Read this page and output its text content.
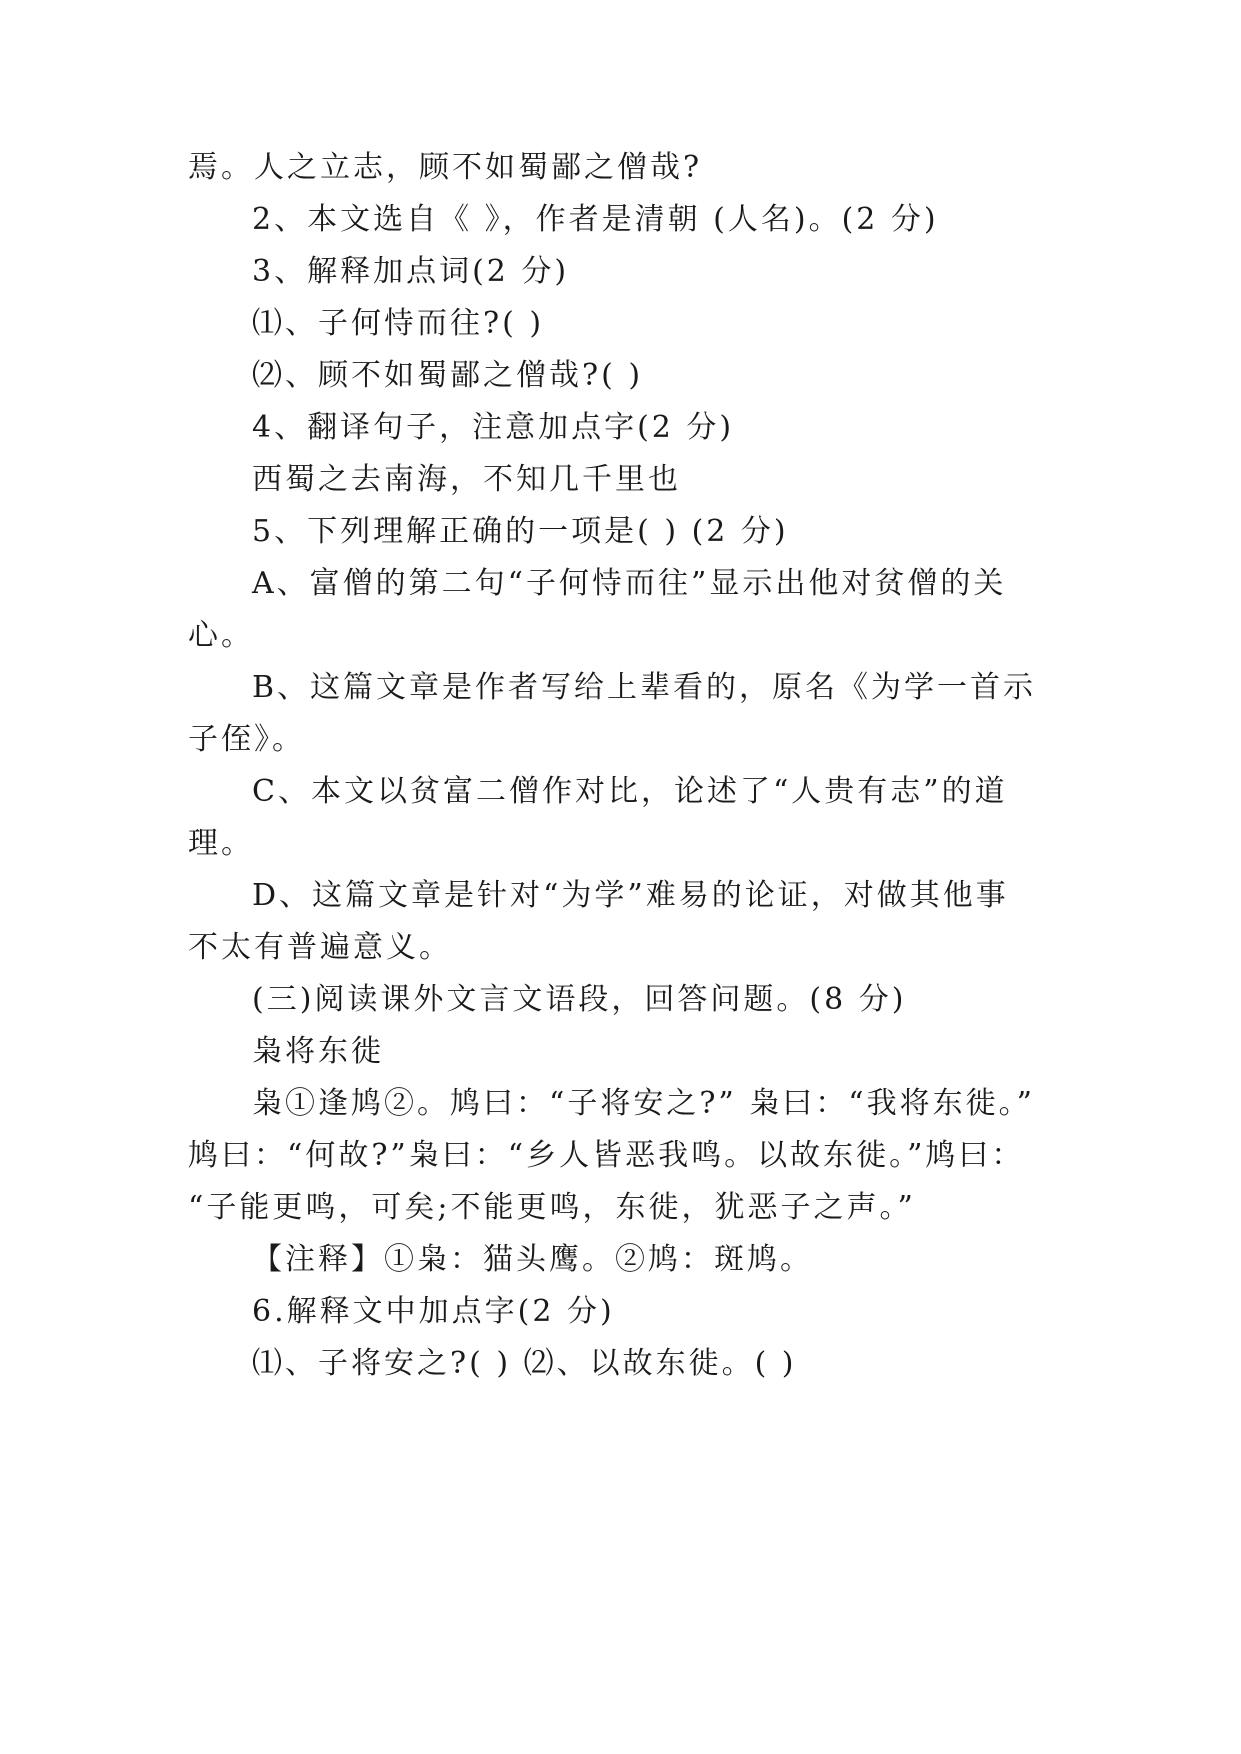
焉。人之立志，顾不如蜀鄙之僧哉?
2、本文选自《 》，作者是清朝 (人名)。(2 分)
3、解释加点词(2 分)
⑴、子何恃而往?( )
⑵、顾不如蜀鄙之僧哉?( )
4、翻译句子，注意加点字(2 分)
西蜀之去南海，不知几千里也
5、下列理解正确的一项是( ) (2 分)
A、富僧的第二句“子何恃而往”显示出他对贫僧的关
心。
B、这篇文章是作者写给上辈看的，原名《为学一首示
子侄》。
C、本文以贫富二僧作对比，论述了“人贵有志”的道
理。
D、这篇文章是针对“为学”难易的论证，对做其他事
不太有普遍意义。
(三)阅读课外文言文语段，回答问题。(8 分)
枭将东徙
枭①逢鸠②。鸠曰：“子将安之?” 枭曰：“我将东徙。”
鸠曰：“何故?”枭曰：“乡人皆恶我鸣。以故东徙。”鸠曰：
“子能更鸣，可矣;不能更鸣，东徙，犹恶子之声。”
【注释】①枭：猫头鹰。②鸠：斑鸠。
6.解释文中加点字(2 分)
⑴、子将安之?( ) ⑵、以故东徙。( )
